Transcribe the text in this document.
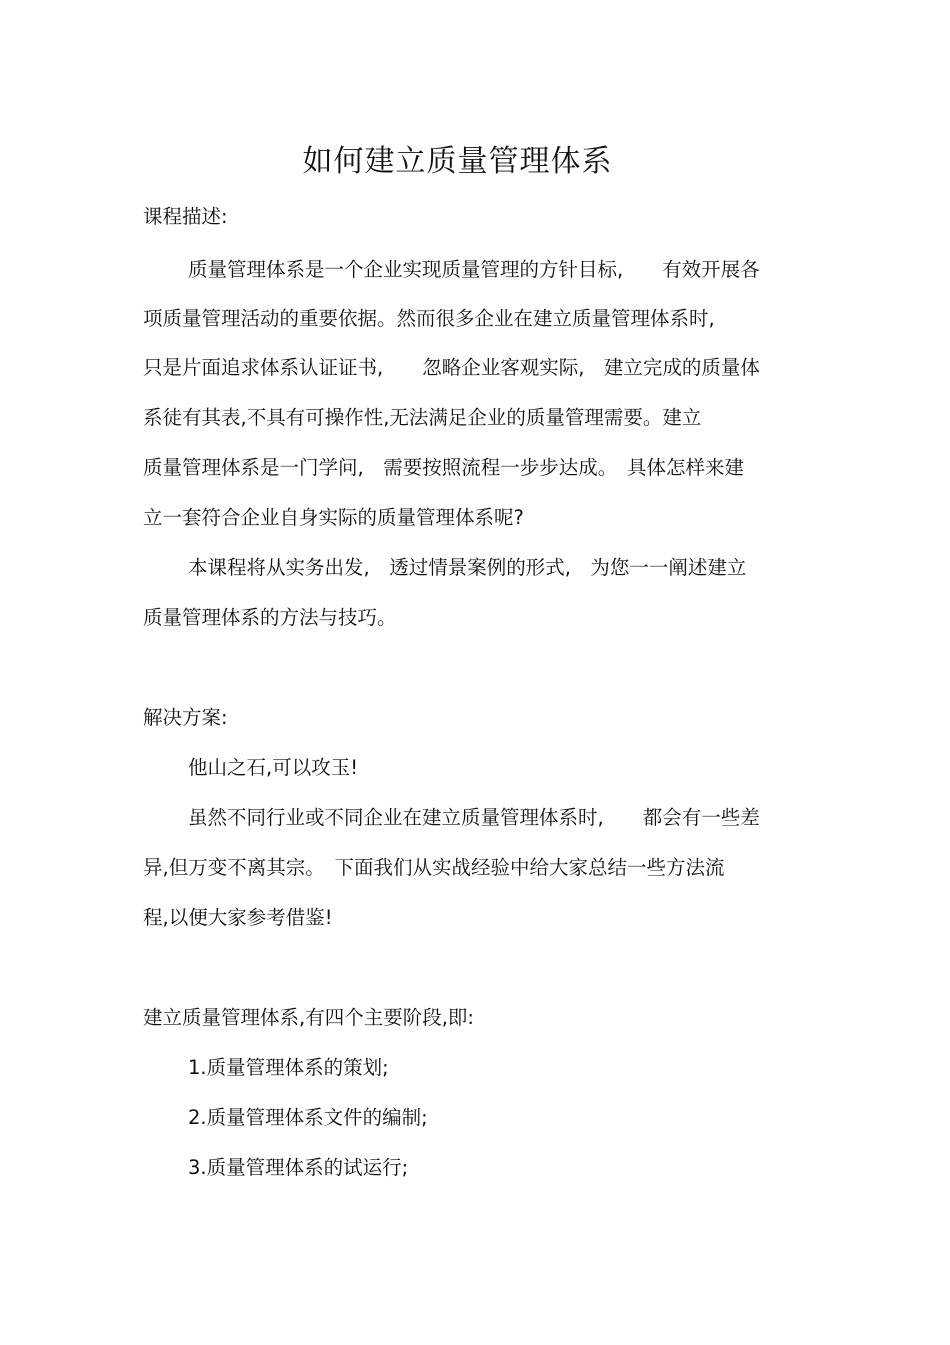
如何建立质量管理体系
课程描述:
质量管理体系是一个企业实现质量管理的方针目标,　　有效开展各
项质量管理活动的重要依据。然而很多企业在建立质量管理体系时,
只是片面追求体系认证证书,　　忽略企业客观实际,　建立完成的质量体
系徒有其表,不具有可操作性,无法满足企业的质量管理需要。建立
质量管理体系是一门学问,　需要按照流程一步步达成。　具体怎样来建
立一套符合企业自身实际的质量管理体系呢?
本课程将从实务出发,　透过情景案例的形式,　为您一一阐述建立
质量管理体系的方法与技巧。
解决方案:
他山之石,可以攻玉!
虽然不同行业或不同企业在建立质量管理体系时,　　都会有一些差
异,但万变不离其宗。　下面我们从实战经验中给大家总结一些方法流
程,以便大家参考借鉴!
建立质量管理体系,有四个主要阶段,即:
1.质量管理体系的策划;
2.质量管理体系文件的编制;
3.质量管理体系的试运行;
